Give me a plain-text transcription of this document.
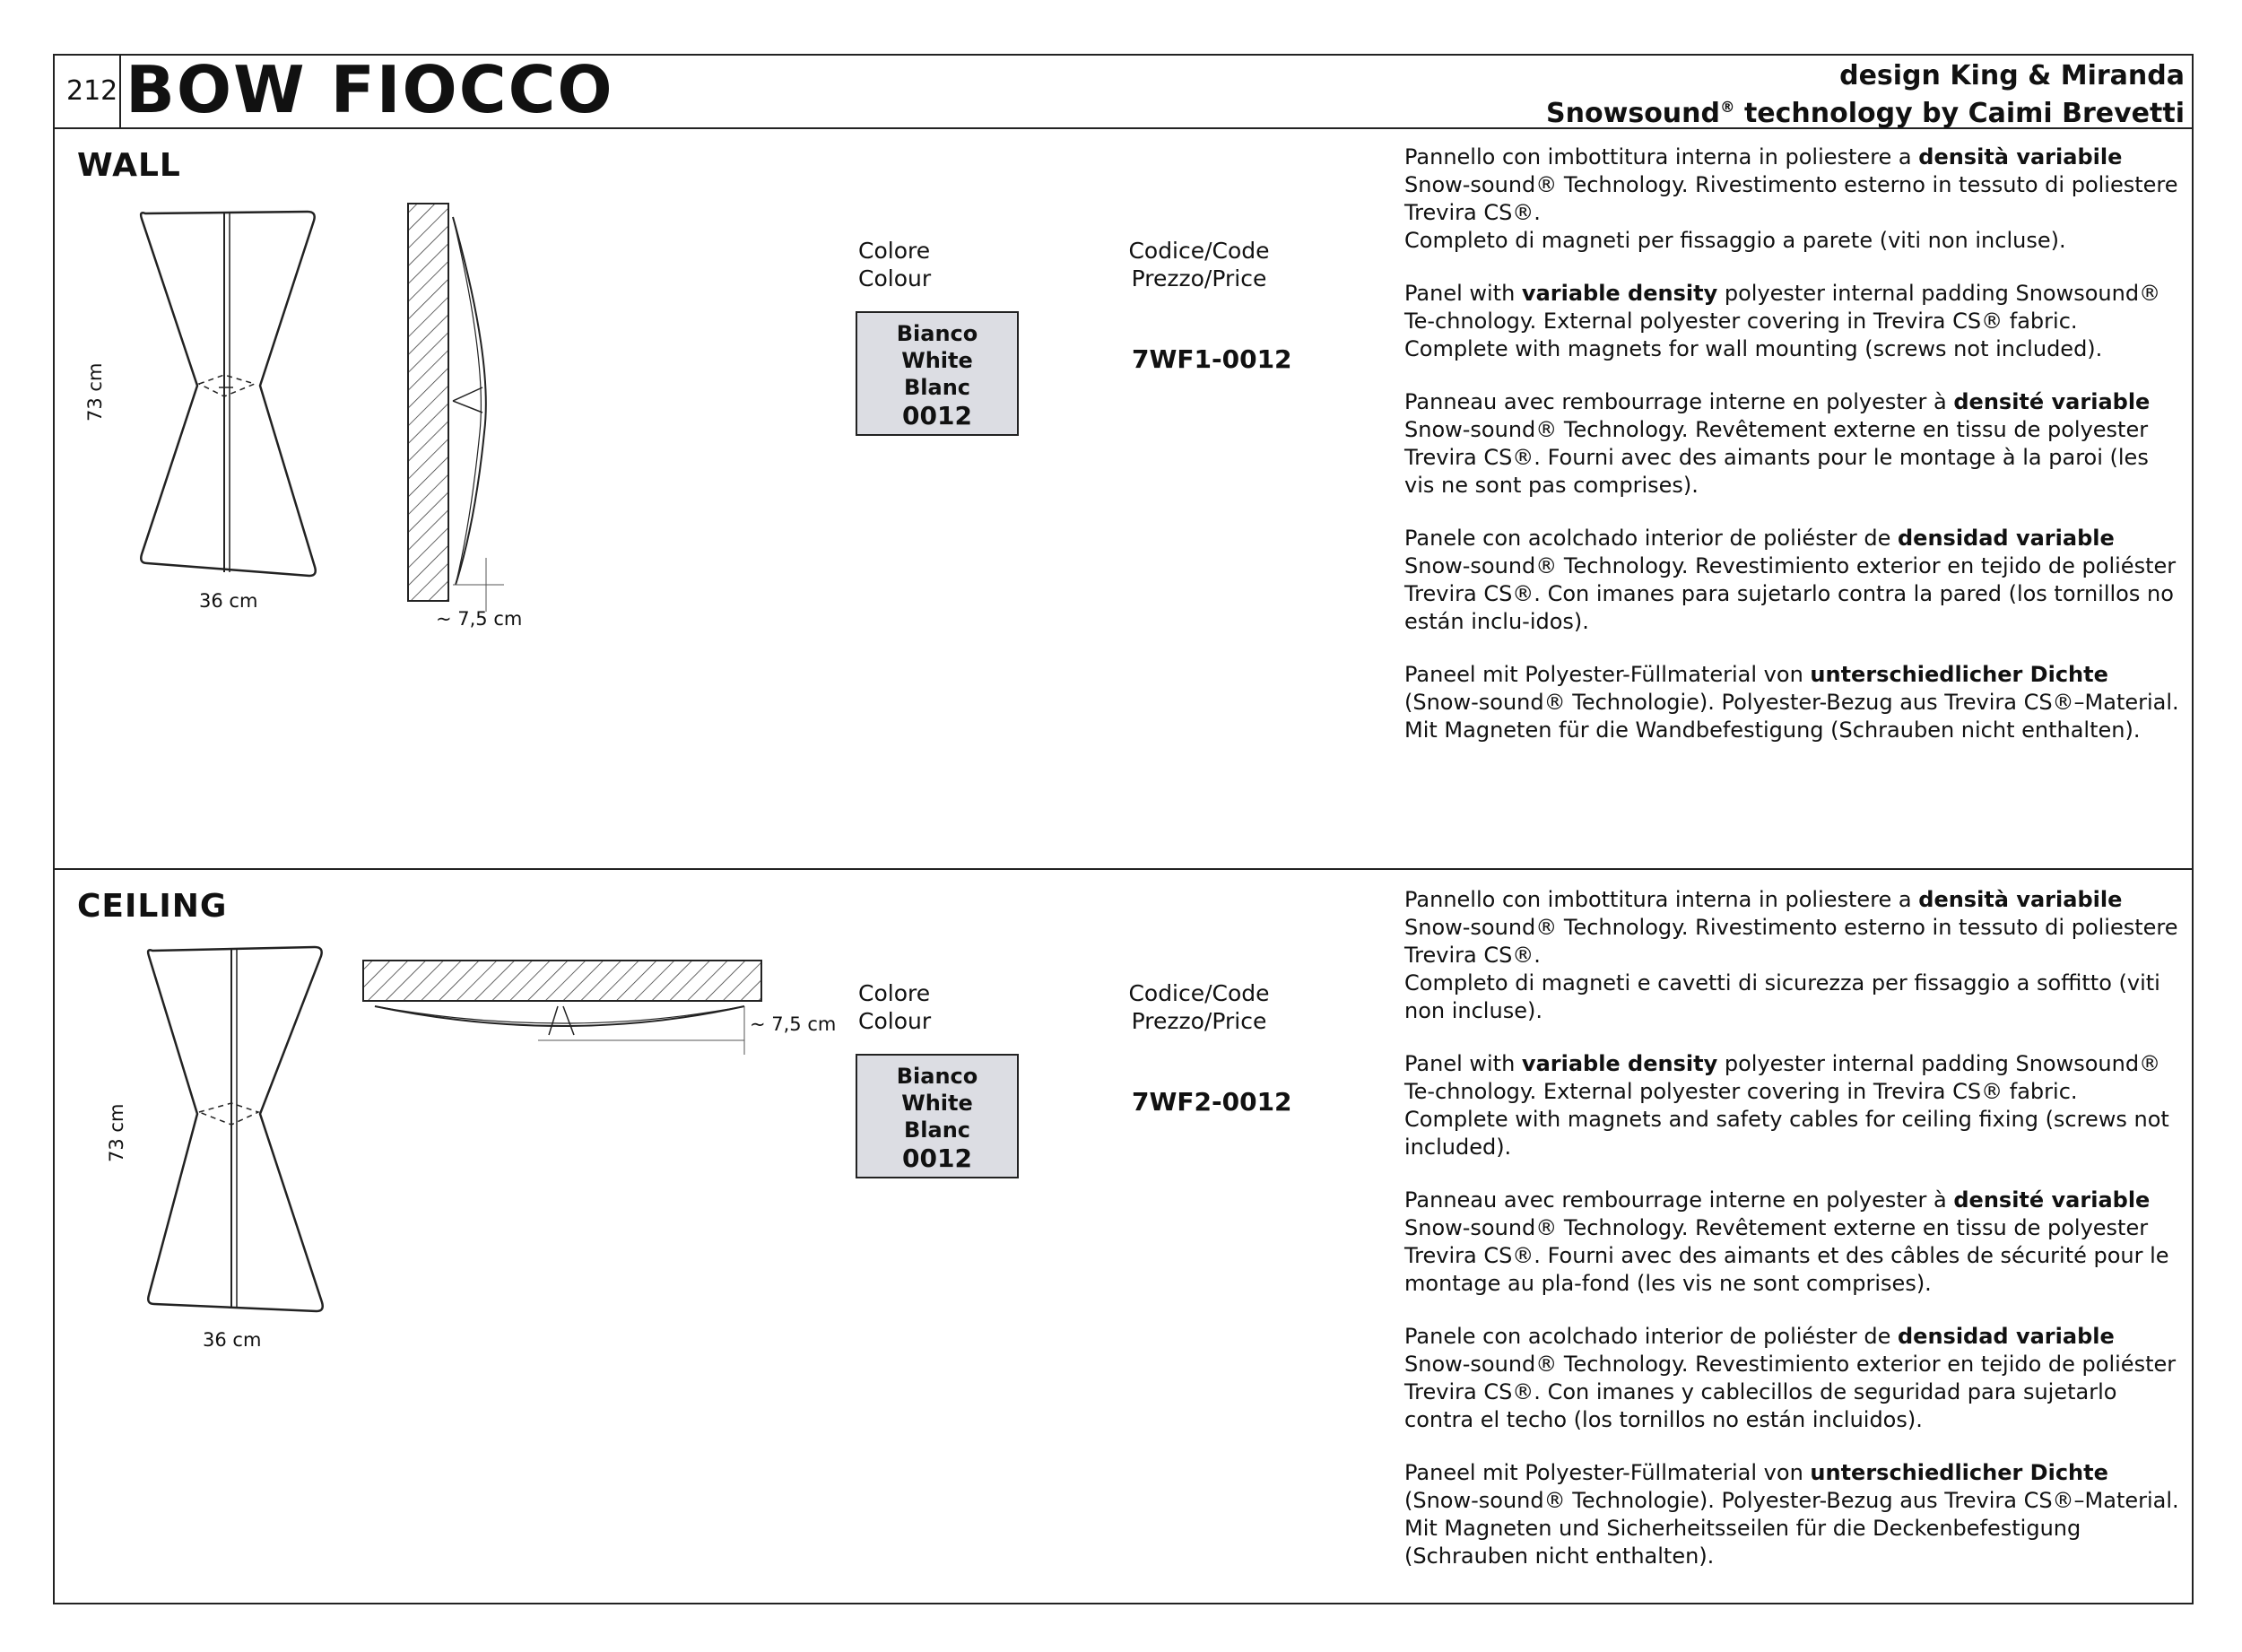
212 BOW FIOCCO	design King & Miranda
Snowsound® technology by Caimi Brevetti
WALL
73 cm
36 cm
~ 7,5 cm
Colore
Colour
Bianco
White
Blanc
0012
Codice/Code
Prezzo/Price
7WF1-0012

Pannello con imbottitura interna in poliestere a densità variabile Snow-sound® Technology. Rivestimento esterno in tessuto di poliestere Trevira CS®.
Completo di magneti per fissaggio a parete (viti non incluse).

Panel with variable density polyester internal padding Snowsound® Te-chnology. External polyester covering in Trevira CS® fabric. Complete with magnets for wall mounting (screws not included).

Panneau avec rembourrage interne en polyester à densité variable Snow-sound® Technology. Revêtement externe en tissu de polyester Trevira CS®. Fourni avec des aimants pour le montage à la paroi (les vis ne sont pas comprises).

Panele con acolchado interior de poliéster de densidad variable Snow-sound® Technology. Revestimiento exterior en tejido de poliéster Trevira CS®. Con imanes para sujetarlo contra la pared (los tornillos no están inclu-idos).

Paneel mit Polyester-Füllmaterial von unterschiedlicher Dichte (Snow-sound® Technologie). Polyester-Bezug aus Trevira CS®–Material.
Mit Magneten für die Wandbefestigung (Schrauben nicht enthalten).

CEILING
73 cm
36 cm
~ 7,5 cm
Colore
Colour
Bianco
White
Blanc
0012
Codice/Code
Prezzo/Price
7WF2-0012

Pannello con imbottitura interna in poliestere a densità variabile Snow-sound® Technology. Rivestimento esterno in tessuto di poliestere Trevira CS®.
Completo di magneti e cavetti di sicurezza per fissaggio a soffitto (viti non incluse).

Panel with variable density polyester internal padding Snowsound® Te-chnology. External polyester covering in Trevira CS® fabric. Complete with magnets and safety cables for ceiling fixing (screws not included).

Panneau avec rembourrage interne en polyester à densité variable Snow-sound® Technology. Revêtement externe en tissu de polyester Trevira CS®. Fourni avec des aimants et des câbles de sécurité pour le montage au pla-fond (les vis ne sont comprises).

Panele con acolchado interior de poliéster de densidad variable Snow-sound® Technology. Revestimiento exterior en tejido de poliéster Trevira CS®. Con imanes y cablecillos de seguridad para sujetarlo contra el techo (los tornillos no están incluidos).

Paneel mit Polyester-Füllmaterial von unterschiedlicher Dichte (Snow-sound® Technologie). Polyester-Bezug aus Trevira CS®–Material.
Mit Magneten und Sicherheitsseilen für die Deckenbefestigung (Schrauben nicht enthalten).
